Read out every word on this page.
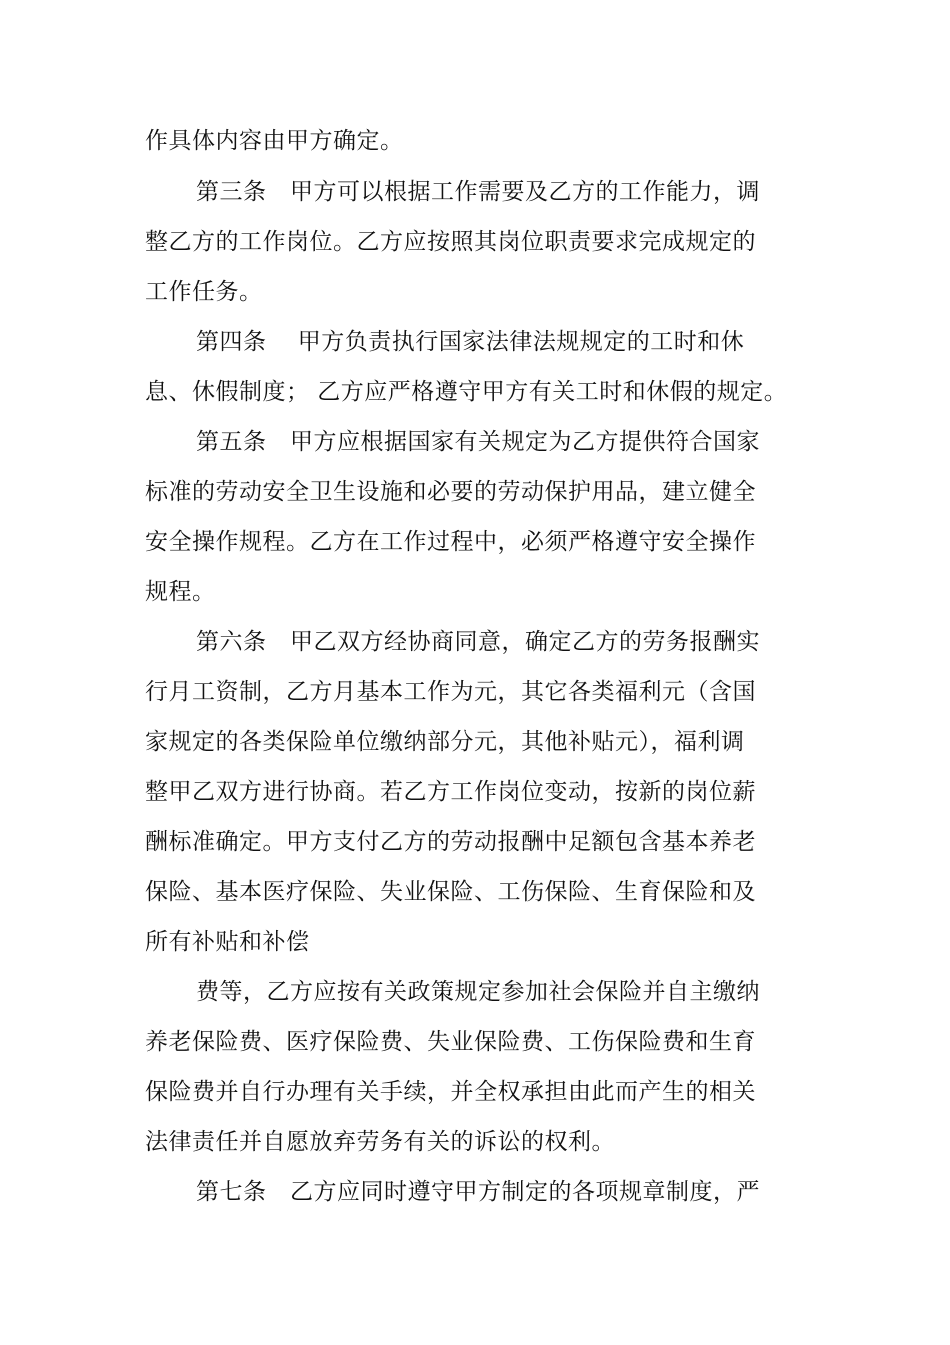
作具体内容由甲方确定。
第三条　甲方可以根据工作需要及乙方的工作能力，调
整乙方的工作岗位。乙方应按照其岗位职责要求完成规定的
工作任务。
第四条　 甲方负责执行国家法律法规规定的工时和休
息、休假制度； 乙方应严格遵守甲方有关工时和休假的规定。
第五条　甲方应根据国家有关规定为乙方提供符合国家
标准的劳动安全卫生设施和必要的劳动保护用品，建立健全
安全操作规程。乙方在工作过程中，必须严格遵守安全操作
规程。
第六条　甲乙双方经协商同意，确定乙方的劳务报酬实
行月工资制，乙方月基本工作为元，其它各类福利元（含国
家规定的各类保险单位缴纳部分元，其他补贴元），福利调
整甲乙双方进行协商。若乙方工作岗位变动，按新的岗位薪
酬标准确定。甲方支付乙方的劳动报酬中足额包含基本养老
保险、基本医疗保险、失业保险、工伤保险、生育保险和及
所有补贴和补偿
费等，乙方应按有关政策规定参加社会保险并自主缴纳
养老保险费、医疗保险费、失业保险费、工伤保险费和生育
保险费并自行办理有关手续，并全权承担由此而产生的相关
法律责任并自愿放弃劳务有关的诉讼的权利。
第七条　乙方应同时遵守甲方制定的各项规章制度，严
